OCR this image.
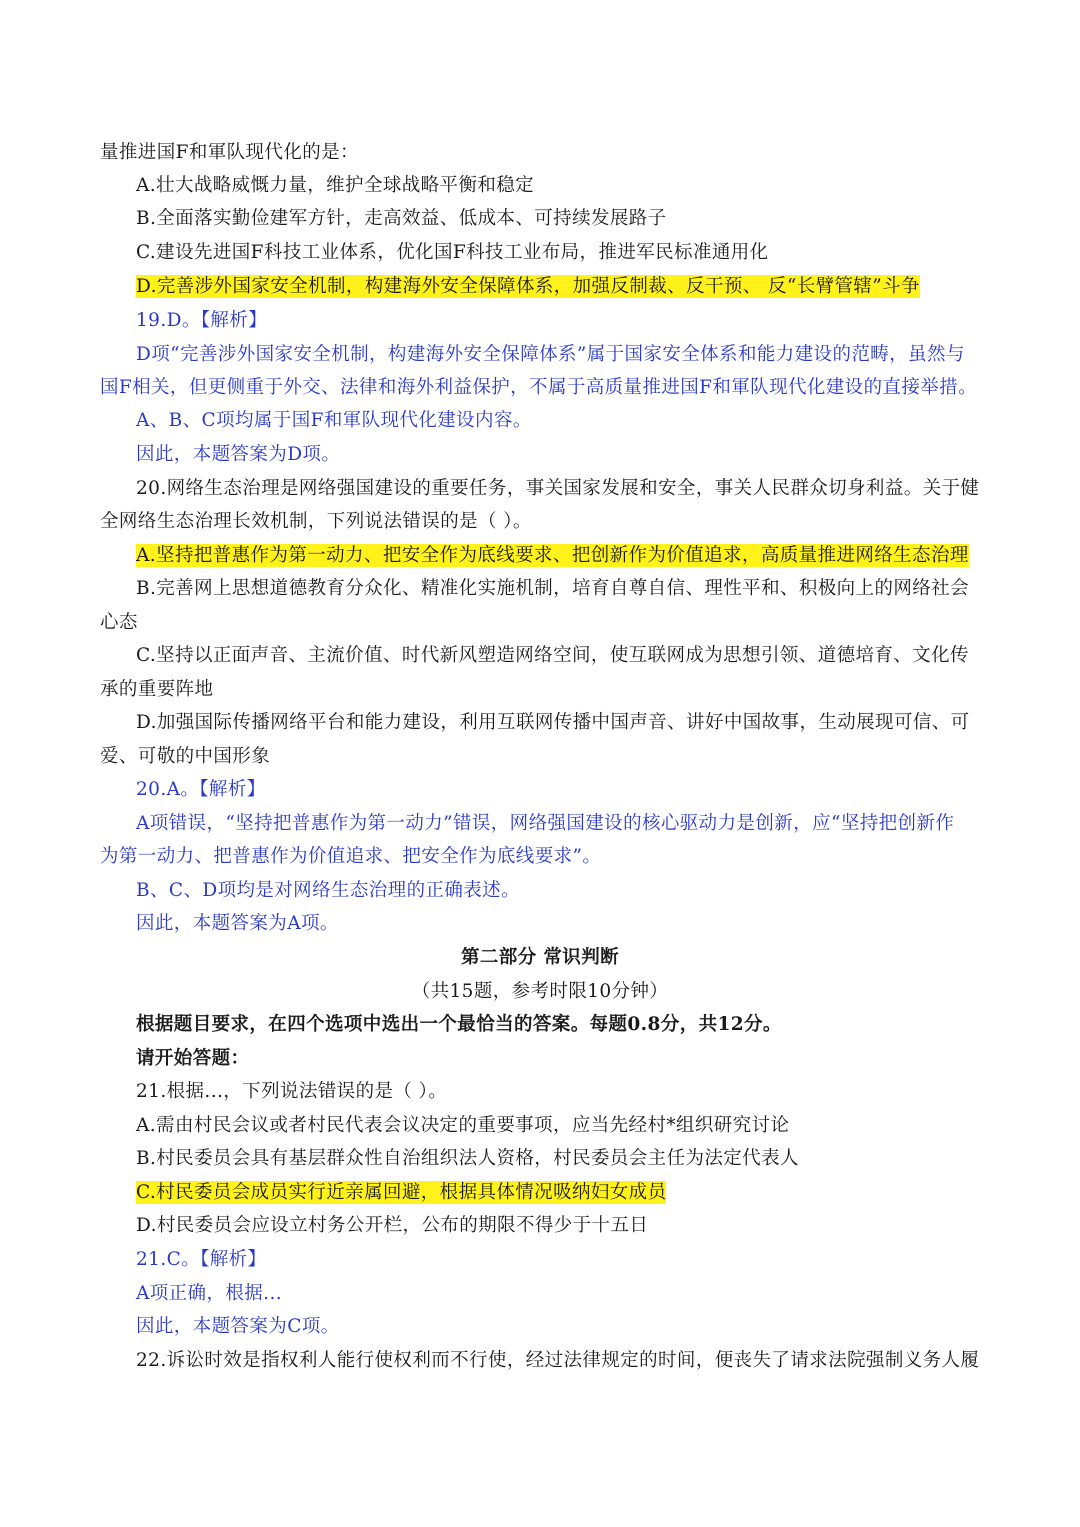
量推进国F和軍队现代化的是：
A.壮大战略威慨力量，维护全球战略平衡和稳定
B.全面落实勤俭建军方针，走高效益、低成本、可持续发展路子
C.建设先进国F科技工业体系，优化国F科技工业布局，推进军民标准通用化
D.完善涉外国家安全机制，构建海外安全保障体系，加强反制裁、反干预、 反“长臂管辖”斗争
19.D。【解析】
D项“完善涉外国家安全机制，构建海外安全保障体系”属于国家安全体系和能力建设的范畴，虽然与
国F相关，但更侧重于外交、法律和海外利益保护，不属于高质量推进国F和軍队现代化建设的直接举措。
A、B、C项均属于国F和軍队现代化建设内容。
因此，本题答案为D项。
20.网络生态治理是网络强国建设的重要任务，事关国家发展和安全，事关人民群众切身利益。关于健
全网络生态治理长效机制，下列说法错误的是（ ）。
A.坚持把普惠作为第一动力、把安全作为底线要求、把创新作为价值追求，高质量推进网络生态治理
B.完善网上思想道德教育分众化、精准化实施机制，培育自尊自信、理性平和、积极向上的网络社会
心态
C.坚持以正面声音、主流价值、时代新风塑造网络空间，使互联网成为思想引领、道德培育、文化传
承的重要阵地
D.加强国际传播网络平台和能力建设，利用互联网传播中国声音、讲好中国故事，生动展现可信、可
爱、可敬的中国形象
20.A。【解析】
A项错误，“坚持把普惠作为第一动力”错误，网络强国建设的核心驱动力是创新，应“坚持把创新作
为第一动力、把普惠作为价值追求、把安全作为底线要求”。
B、C、D项均是对网络生态治理的正确表述。
因此，本题答案为A项。
第二部分 常识判断
（共15题，参考时限10分钟）
根据题目要求，在四个选项中选出一个最恰当的答案。每题0.8分，共12分。
请开始答题：
21.根据...，下列说法错误的是（ ）。
A.需由村民会议或者村民代表会议决定的重要事项，应当先经村*组织研究讨论
B.村民委员会具有基层群众性自治组织法人资格，村民委员会主任为法定代表人
C.村民委员会成员实行近亲属回避，根据具体情况吸纳妇女成员
D.村民委员会应设立村务公开栏，公布的期限不得少于十五日
21.C。【解析】
A项正确，根据...
因此，本题答案为C项。
22.诉讼时效是指权利人能行使权利而不行使，经过法律规定的时间，便丧失了请求法院强制义务人履
